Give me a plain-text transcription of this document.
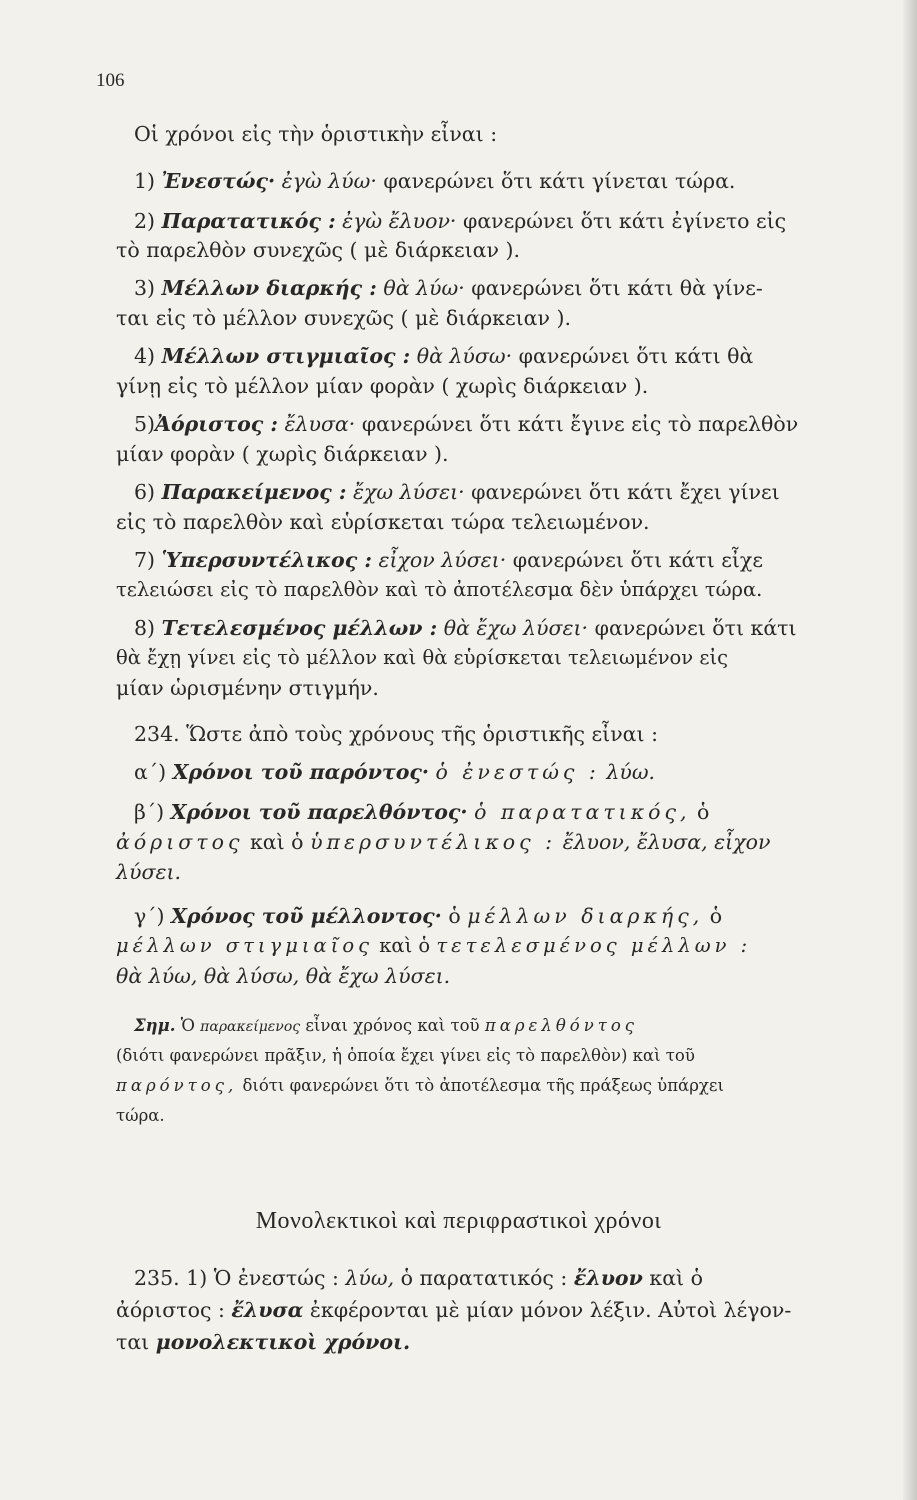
106
Οἱ χρόνοι εἰς τὴν ὁριστικὴν εἶναι :
1) Ἐνεστώς· ἐγὼ λύω· φανερώνει ὅτι κάτι γίνεται τώρα.
2) Παρατατικός : ἐγὼ ἔλυον· φανερώνει ὅτι κάτι ἐγίνετο εἰς
τὸ παρελθὸν συνεχῶς ( μὲ διάρκειαν ).
3) Μέλλων διαρκής : θὰ λύω· φανερώνει ὅτι κάτι θὰ γίνε-
ται εἰς τὸ μέλλον συνεχῶς ( μὲ διάρκειαν ).
4) Μέλλων στιγμιαῖος : θὰ λύσω· φανερώνει ὅτι κάτι θὰ
γίνῃ εἰς τὸ μέλλον μίαν φορὰν ( χωρὶς διάρκειαν ).
5)Ἀόριστος : ἔλυσα· φανερώνει ὅτι κάτι ἔγινε εἰς τὸ παρελθὸν
μίαν φορὰν ( χωρὶς διάρκειαν ).
6) Παρακείμενος : ἔχω λύσει· φανερώνει ὅτι κάτι ἔχει γίνει
εἰς τὸ παρελθὸν καὶ εὑρίσκεται τώρα τελειωμένον.
7) Ὑπερσυντέλικος : εἶχον λύσει· φανερώνει ὅτι κάτι εἶχε
τελειώσει εἰς τὸ παρελθὸν καὶ τὸ ἀποτέλεσμα δὲν ὑπάρχει τώρα.
8) Τετελεσμένος μέλλων : θὰ ἔχω λύσει· φανερώνει ὅτι κάτι
θὰ ἔχῃ γίνει εἰς τὸ μέλλον καὶ θὰ εὑρίσκεται τελειωμένον εἰς
μίαν ὡρισμένην στιγμήν.
234. Ὥστε ἀπὸ τοὺς χρόνους τῆς ὁριστικῆς εἶναι :
α΄) Χρόνοι τοῦ παρόντος· ὁ ἐνεστώς : λύω.
β΄) Χρόνοι τοῦ παρελθόντος· ὁ παρατατικός, ὁ
ἀόριστος καὶ ὁ ὑπερσυντέλικος : ἔλυον, ἔλυσα, εἶχον
λύσει.
γ΄) Χρόνος τοῦ μέλλοντος· ὁ μέλλων διαρκής, ὁ
μέλλων στιγμιαῖος καὶ ὁ τετελεσμένος μέλλων :
θὰ λύω, θὰ λύσω, θὰ ἔχω λύσει.
Σημ. Ὁ παρακείμενος εἶναι χρόνος καὶ τοῦ παρελθόντος
(διότι φανερώνει πρᾶξιν, ἡ ὁποία ἔχει γίνει εἰς τὸ παρελθὸν) καὶ τοῦ
παρόντος, διότι φανερώνει ὅτι τὸ ἀποτέλεσμα τῆς πράξεως ὑπάρχει
τώρα.
Μονολεκτικοὶ καὶ περιφραστικοὶ χρόνοι
235. 1) Ὁ ἐνεστώς : λύω, ὁ παρατατικός : ἔλυον καὶ ὁ
ἀόριστος : ἔλυσα ἐκφέρονται μὲ μίαν μόνον λέξιν. Αὐτοὶ λέγον-
ται μονολεκτικοὶ χρόνοι.
